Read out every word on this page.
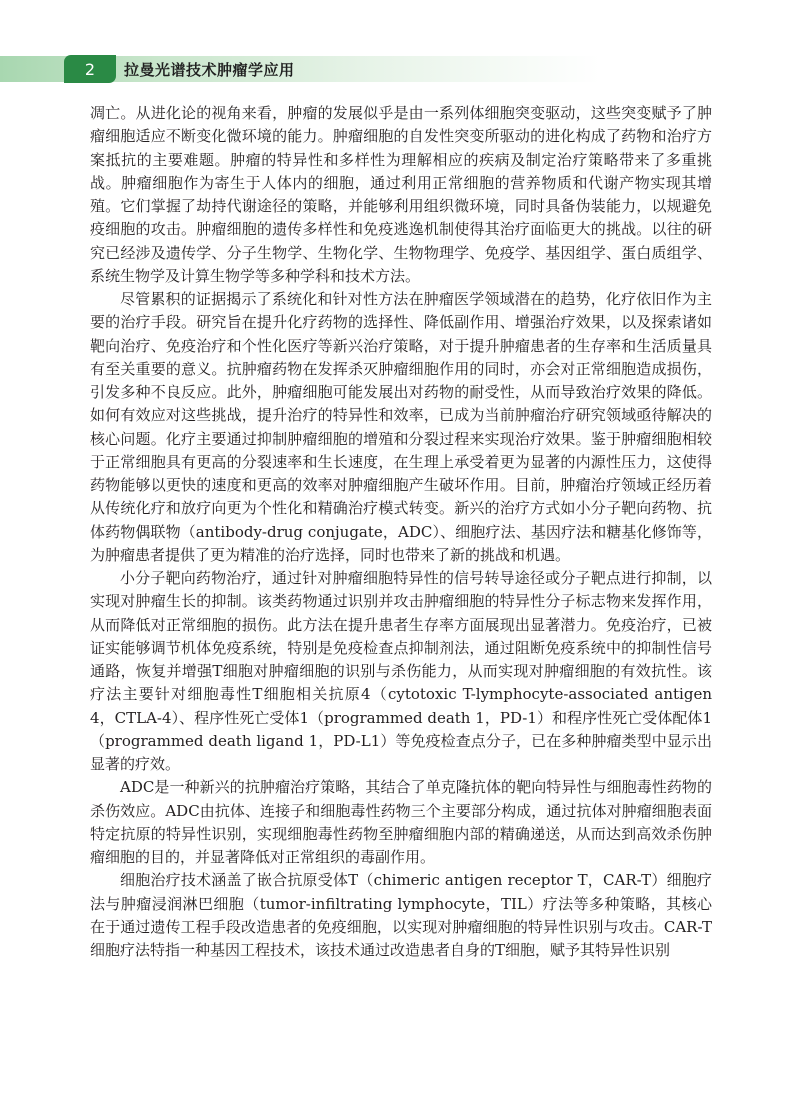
2 拉曼光谱技术肿瘤学应用

凋亡。从进化论的视角来看，肿瘤的发展似乎是由一系列体细胞突变驱动，这些突变赋予了肿瘤细胞适应不断变化微环境的能力。肿瘤细胞的自发性突变所驱动的进化构成了药物和治疗方案抵抗的主要难题。肿瘤的特异性和多样性为理解相应的疾病及制定治疗策略带来了多重挑战。肿瘤细胞作为寄生于人体内的细胞，通过利用正常细胞的营养物质和代谢产物实现其增殖。它们掌握了劫持代谢途径的策略，并能够利用组织微环境，同时具备伪装能力，以规避免疫细胞的攻击。肿瘤细胞的遗传多样性和免疫逃逸机制使得其治疗面临更大的挑战。以往的研究已经涉及遗传学、分子生物学、生物化学、生物物理学、免疫学、基因组学、蛋白质组学、系统生物学及计算生物学等多种学科和技术方法。

尽管累积的证据揭示了系统化和针对性方法在肿瘤医学领域潜在的趋势，化疗依旧作为主要的治疗手段。研究旨在提升化疗药物的选择性、降低副作用、增强治疗效果，以及探索诸如靶向治疗、免疫治疗和个性化医疗等新兴治疗策略，对于提升肿瘤患者的生存率和生活质量具有至关重要的意义。抗肿瘤药物在发挥杀灭肿瘤细胞作用的同时，亦会对正常细胞造成损伤，引发多种不良反应。此外，肿瘤细胞可能发展出对药物的耐受性，从而导致治疗效果的降低。如何有效应对这些挑战，提升治疗的特异性和效率，已成为当前肿瘤治疗研究领域亟待解决的核心问题。化疗主要通过抑制肿瘤细胞的增殖和分裂过程来实现治疗效果。鉴于肿瘤细胞相较于正常细胞具有更高的分裂速率和生长速度，在生理上承受着更为显著的内源性压力，这使得药物能够以更快的速度和更高的效率对肿瘤细胞产生破坏作用。目前，肿瘤治疗领域正经历着从传统化疗和放疗向更为个性化和精确治疗模式转变。新兴的治疗方式如小分子靶向药物、抗体药物偶联物（antibody-drug conjugate，ADC）、细胞疗法、基因疗法和糖基化修饰等，为肿瘤患者提供了更为精准的治疗选择，同时也带来了新的挑战和机遇。

小分子靶向药物治疗，通过针对肿瘤细胞特异性的信号转导途径或分子靶点进行抑制，以实现对肿瘤生长的抑制。该类药物通过识别并攻击肿瘤细胞的特异性分子标志物来发挥作用，从而降低对正常细胞的损伤。此方法在提升患者生存率方面展现出显著潜力。免疫治疗，已被证实能够调节机体免疫系统，特别是免疫检查点抑制剂法，通过阻断免疫系统中的抑制性信号通路，恢复并增强T细胞对肿瘤细胞的识别与杀伤能力，从而实现对肿瘤细胞的有效抗性。该疗法主要针对细胞毒性T细胞相关抗原4（cytotoxic T-lymphocyte-associated antigen 4，CTLA-4）、程序性死亡受体1（programmed death 1，PD-1）和程序性死亡受体配体1（programmed death ligand 1，PD-L1）等免疫检查点分子，已在多种肿瘤类型中显示出显著的疗效。

ADC是一种新兴的抗肿瘤治疗策略，其结合了单克隆抗体的靶向特异性与细胞毒性药物的杀伤效应。ADC由抗体、连接子和细胞毒性药物三个主要部分构成，通过抗体对肿瘤细胞表面特定抗原的特异性识别，实现细胞毒性药物至肿瘤细胞内部的精确递送，从而达到高效杀伤肿瘤细胞的目的，并显著降低对正常组织的毒副作用。

细胞治疗技术涵盖了嵌合抗原受体T（chimeric antigen receptor T，CAR-T）细胞疗法与肿瘤浸润淋巴细胞（tumor-infiltrating lymphocyte，TIL）疗法等多种策略，其核心在于通过遗传工程手段改造患者的免疫细胞，以实现对肿瘤细胞的特异性识别与攻击。CAR-T细胞疗法特指一种基因工程技术，该技术通过改造患者自身的T细胞，赋予其特异性识别
